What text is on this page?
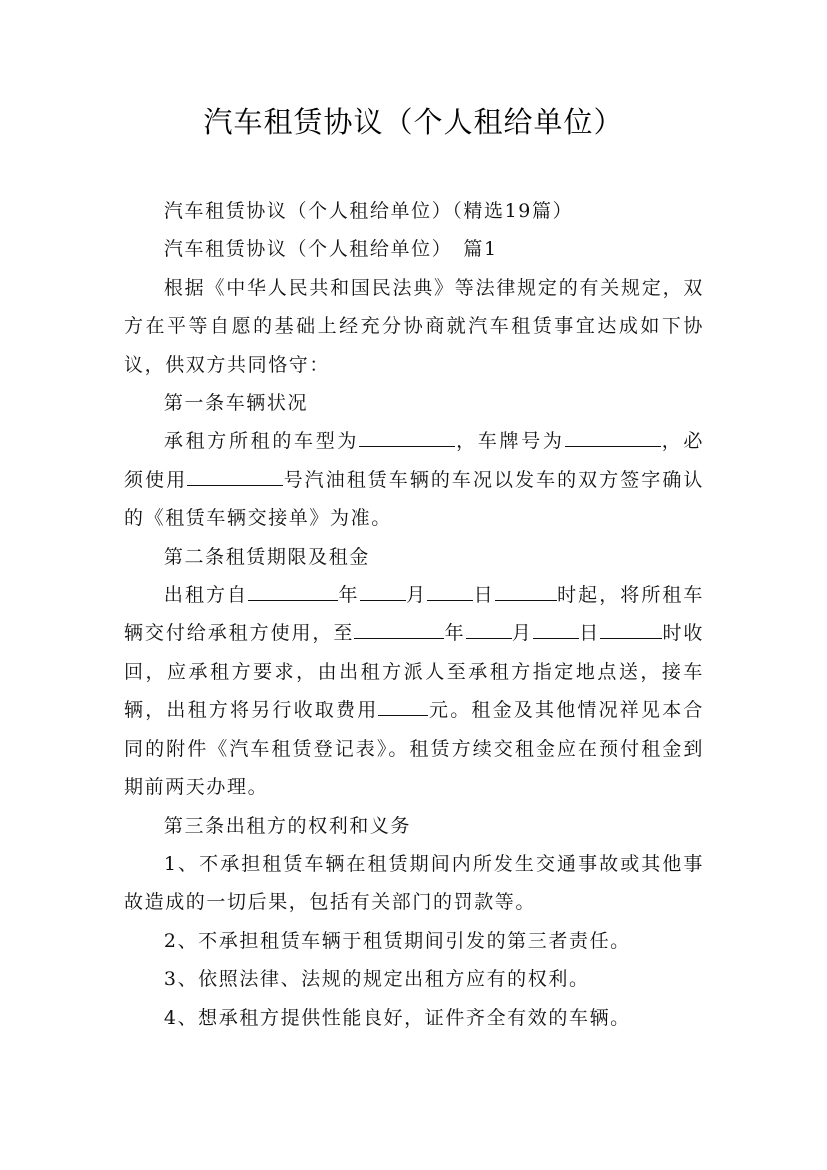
汽车租赁协议（个人租给单位）

汽车租赁协议（个人租给单位）（精选19篇）

汽车租赁协议（个人租给单位）　篇1

根据《中华人民共和国民法典》等法律规定的有关规定，双方在平等自愿的基础上经充分协商就汽车租赁事宜达成如下协议，供双方共同恪守：

第一条车辆状况

承租方所租的车型为	，车牌号为	，必须使用	号汽油租赁车辆的车况以发车的双方签字确认的《租赁车辆交接单》为准。

第二条租赁期限及租金

出租方自	年 月 日	时起，将所租车辆交付给承租方使用，至	年 月 日	时收回，应承租方要求，由出租方派人至承租方指定地点送，接车辆，出租方将另行收取费用	元。租金及其他情况祥见本合同的附件《汽车租赁登记表》。租赁方续交租金应在预付租金到期前两天办理。

第三条出租方的权利和义务

1、不承担租赁车辆在租赁期间内所发生交通事故或其他事故造成的一切后果，包括有关部门的罚款等。

2、不承担租赁车辆于租赁期间引发的第三者责任。

3、依照法律、法规的规定出租方应有的权利。

4、想承租方提供性能良好，证件齐全有效的车辆。
